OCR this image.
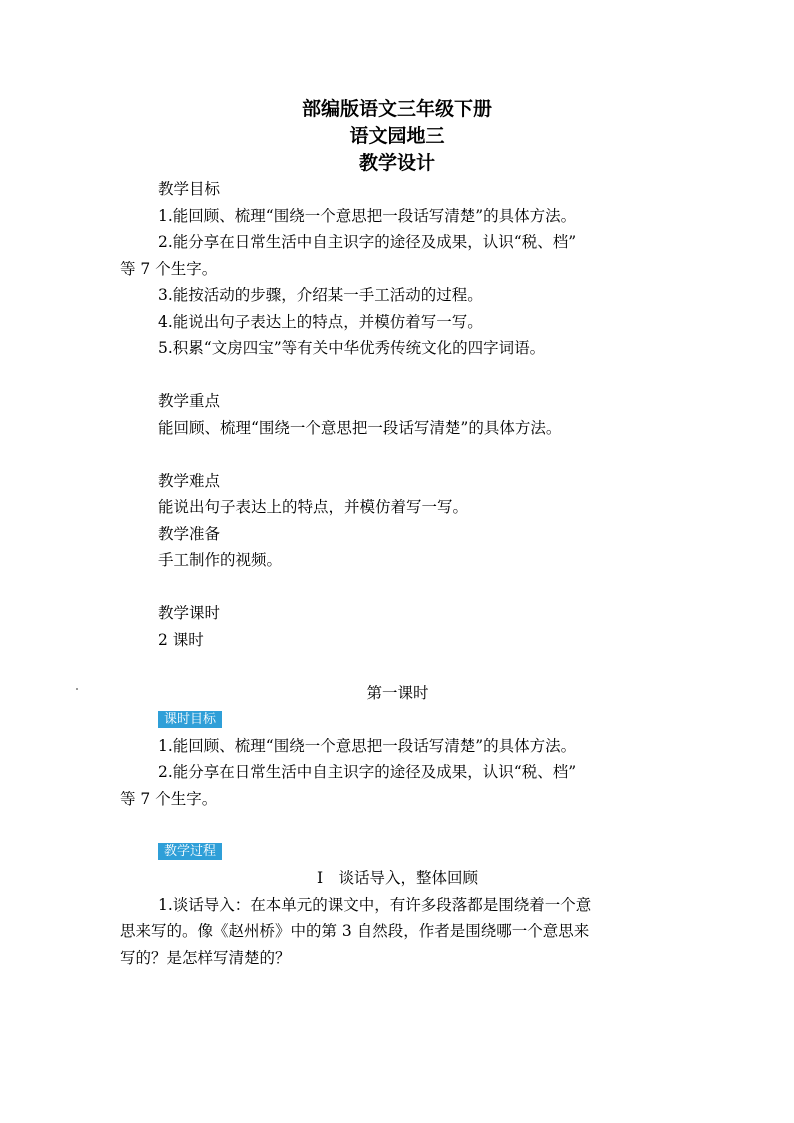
部编版语文三年级下册
语文园地三
教学设计

教学目标

1.能回顾、梳理“围绕一个意思把一段话写清楚”的具体方法。

2.能分享在日常生活中自主识字的途径及成果，认识“税、档”

等 7 个生字。

3.能按活动的步骤，介绍某一手工活动的过程。

4.能说出句子表达上的特点，并模仿着写一写。

5.积累“文房四宝”等有关中华优秀传统文化的四字词语。

教学重点

能回顾、梳理“围绕一个意思把一段话写清楚”的具体方法。

教学难点

能说出句子表达上的特点，并模仿着写一写。

教学准备

手工制作的视频。

教学课时

2 课时

第一课时

课时目标

1.能回顾、梳理“围绕一个意思把一段话写清楚”的具体方法。

2.能分享在日常生活中自主识字的途径及成果，认识“税、档”

等 7 个生字。

教学过程

Ⅰ　谈话导入，整体回顾

1.谈话导入：在本单元的课文中，有许多段落都是围绕着一个意

思来写的。像《赵州桥》中的第 3 自然段，作者是围绕哪一个意思来

写的？是怎样写清楚的？
